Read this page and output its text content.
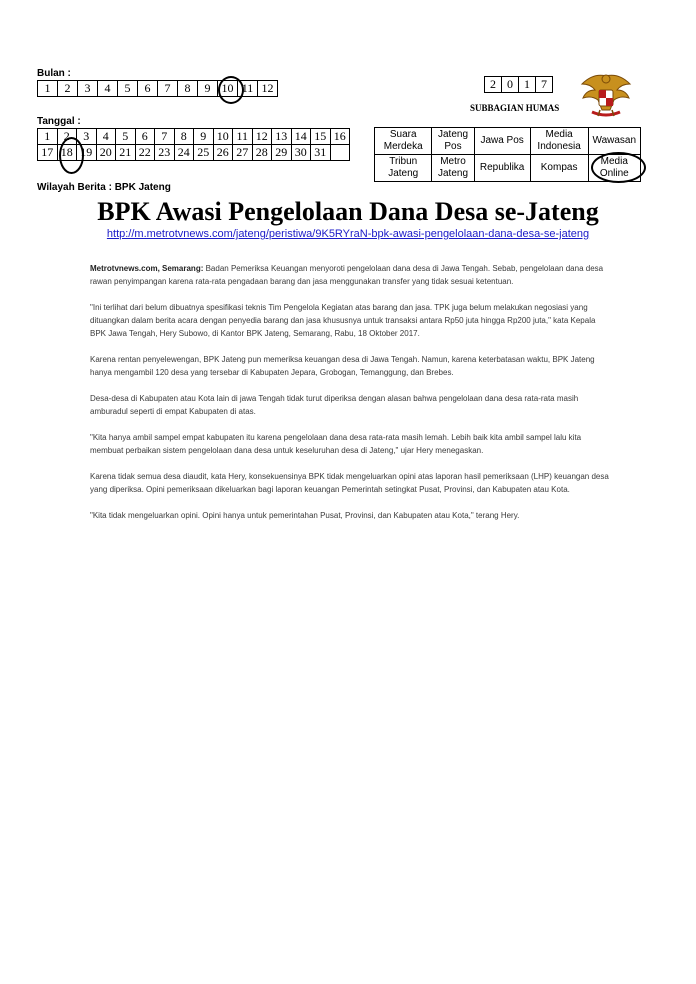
Bulan :
1	2	3	4	5	6	7	8	9	10	11	12
Tanggal :
1	2	3	4	5	6	7	8	9	10	11	12	13	14	15	16
17	18	19	20	21	22	23	24	25	26	27	28	29	30	31	
2	0	1	7
SUBBAGIAN HUMAS
Suara Merdeka	Jateng Pos	Jawa Pos	Media Indonesia	Wawasan
Tribun Jateng	Metro Jateng	Republika	Kompas	Media Online
Wilayah Berita : BPK Jateng
BPK Awasi Pengelolaan Dana Desa se-Jateng
http://m.metrotvnews.com/jateng/peristiwa/9K5RYraN-bpk-awasi-pengelolaan-dana-desa-se-jateng

Metrotvnews.com, Semarang: Badan Pemeriksa Keuangan menyoroti pengelolaan dana desa di Jawa Tengah. Sebab, pengelolaan dana desa rawan penyimpangan karena rata-rata pengadaan barang dan jasa menggunakan transfer yang tidak sesuai ketentuan.

"Ini terlihat dari belum dibuatnya spesifikasi teknis Tim Pengelola Kegiatan atas barang dan jasa. TPK juga belum melakukan negosiasi yang dituangkan dalam berita acara dengan penyedia barang dan jasa khususnya untuk transaksi antara Rp50 juta hingga Rp200 juta," kata Kepala BPK Jawa Tengah, Hery Subowo, di Kantor BPK Jateng, Semarang, Rabu, 18 Oktober 2017.

Karena rentan penyelewengan, BPK Jateng pun memeriksa keuangan desa di Jawa Tengah. Namun, karena keterbatasan waktu, BPK Jateng hanya mengambil 120 desa yang tersebar di Kabupaten Jepara, Grobogan, Temanggung, dan Brebes.

Desa-desa di Kabupaten atau Kota lain di jawa Tengah tidak turut diperiksa dengan alasan bahwa pengelolaan dana desa rata-rata masih amburadul seperti di empat Kabupaten di atas.

"Kita hanya ambil sampel empat kabupaten itu karena pengelolaan dana desa rata-rata masih lemah. Lebih baik kita ambil sampel lalu kita membuat perbaikan sistem pengelolaan dana desa untuk keseluruhan desa di Jateng," ujar Hery menegaskan.

Karena tidak semua desa diaudit, kata Hery, konsekuensinya BPK tidak mengeluarkan opini atas laporan hasil pemeriksaan (LHP) keuangan desa yang diperiksa. Opini pemeriksaan dikeluarkan bagi laporan keuangan Pemerintah setingkat Pusat, Provinsi, dan Kabupaten atau Kota.

"Kita tidak mengeluarkan opini. Opini hanya untuk pemerintahan Pusat, Provinsi, dan Kabupaten atau Kota," terang Hery.
